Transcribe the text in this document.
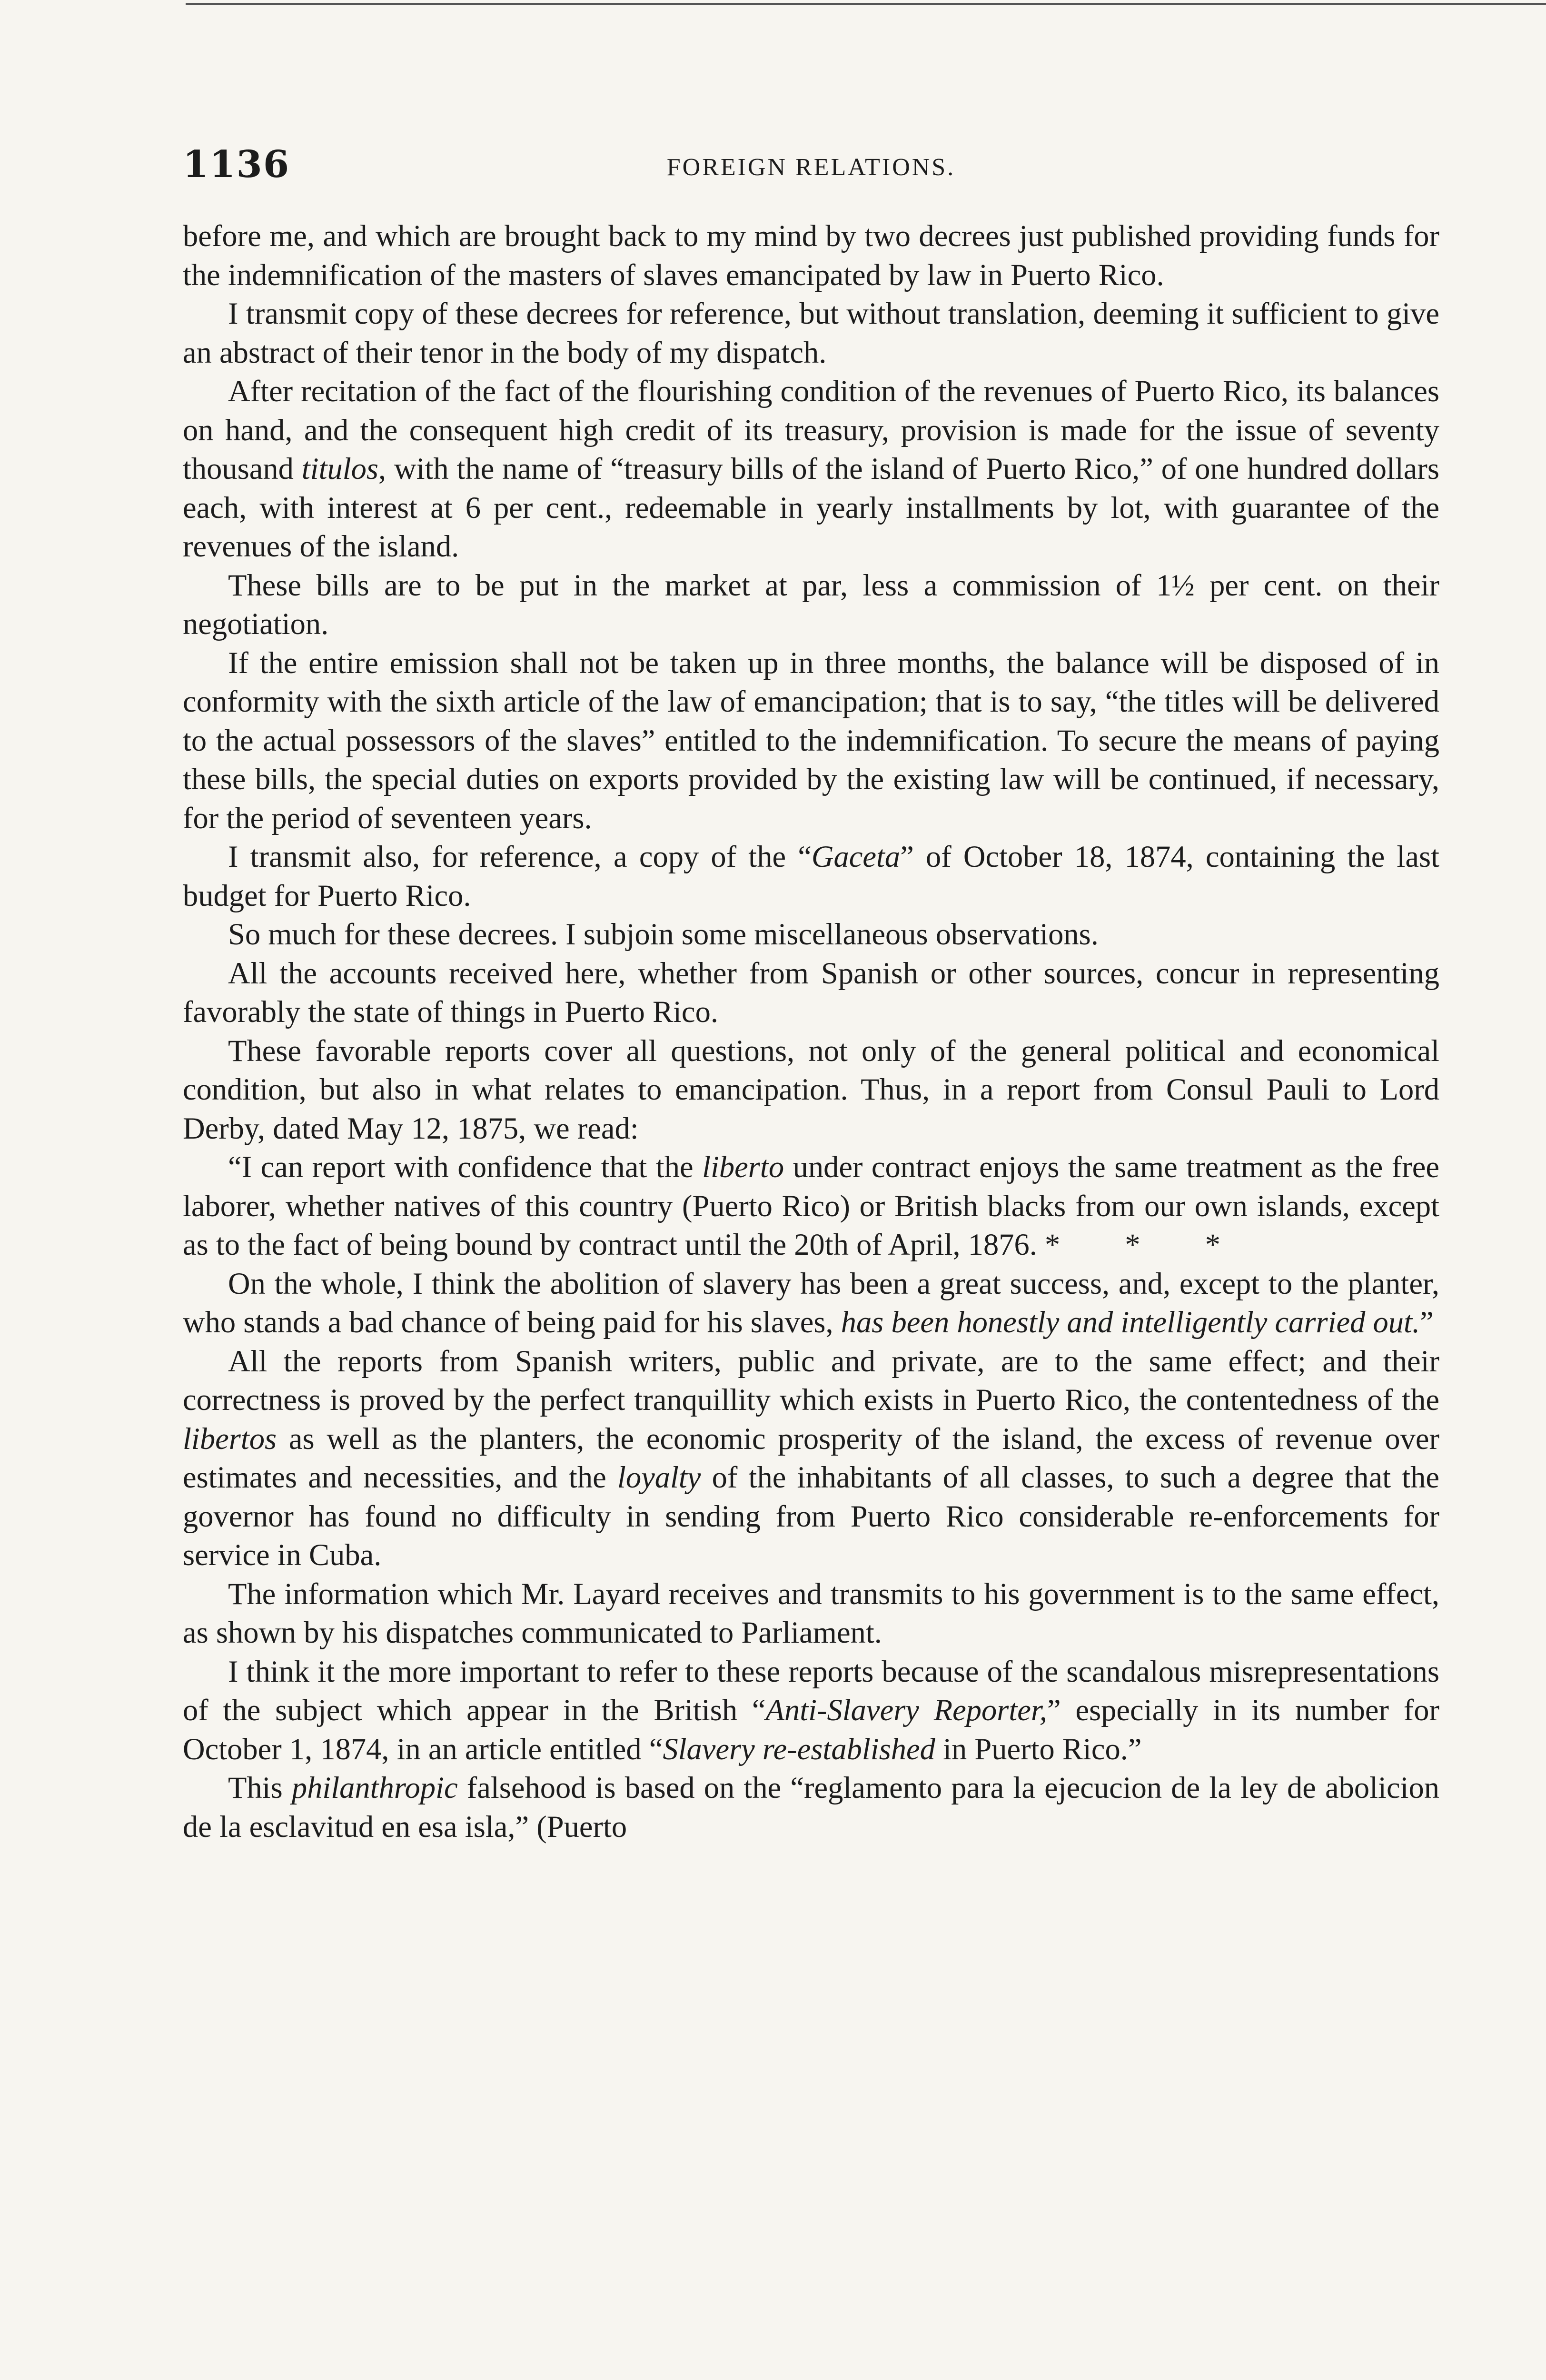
1136	FOREIGN RELATIONS.

before me, and which are brought back to my mind by two decrees just published providing funds for the indemnification of the masters of slaves emancipated by law in Puerto Rico.

I transmit copy of these decrees for reference, but without translation, deeming it sufficient to give an abstract of their tenor in the body of my dispatch.

After recitation of the fact of the flourishing condition of the revenues of Puerto Rico, its balances on hand, and the consequent high credit of its treasury, provision is made for the issue of seventy thousand titulos, with the name of “treasury bills of the island of Puerto Rico,” of one hundred dollars each, with interest at 6 per cent., redeemable in yearly installments by lot, with guarantee of the revenues of the island.

These bills are to be put in the market at par, less a commission of 1½ per cent. on their negotiation.

If the entire emission shall not be taken up in three months, the balance will be disposed of in conformity with the sixth article of the law of emancipation; that is to say, “the titles will be delivered to the actual possessors of the slaves” entitled to the indemnification. To secure the means of paying these bills, the special duties on exports provided by the existing law will be continued, if necessary, for the period of seventeen years.

I transmit also, for reference, a copy of the “Gaceta” of October 18, 1874, containing the last budget for Puerto Rico.

So much for these decrees. I subjoin some miscellaneous observations.

All the accounts received here, whether from Spanish or other sources, concur in representing favorably the state of things in Puerto Rico.

These favorable reports cover all questions, not only of the general political and economical condition, but also in what relates to emancipation. Thus, in a report from Consul Pauli to Lord Derby, dated May 12, 1875, we read:

“I can report with confidence that the liberto under contract enjoys the same treatment as the free laborer, whether natives of this country (Puerto Rico) or British blacks from our own islands, except as to the fact of being bound by contract until the 20th of April, 1876. * * *

On the whole, I think the abolition of slavery has been a great success, and, except to the planter, who stands a bad chance of being paid for his slaves, has been honestly and intelligently carried out.”

All the reports from Spanish writers, public and private, are to the same effect; and their correctness is proved by the perfect tranquillity which exists in Puerto Rico, the contentedness of the libertos as well as the planters, the economic prosperity of the island, the excess of revenue over estimates and necessities, and the loyalty of the inhabitants of all classes, to such a degree that the governor has found no difficulty in sending from Puerto Rico considerable re-enforcements for service in Cuba.

The information which Mr. Layard receives and transmits to his government is to the same effect, as shown by his dispatches communicated to Parliament.

I think it the more important to refer to these reports because of the scandalous misrepresentations of the subject which appear in the British “Anti-Slavery Reporter,” especially in its number for October 1, 1874, in an article entitled “Slavery re-established in Puerto Rico.”

This philanthropic falsehood is based on the “reglamento para la ejecucion de la ley de abolicion de la esclavitud en esa isla,” (Puerto
